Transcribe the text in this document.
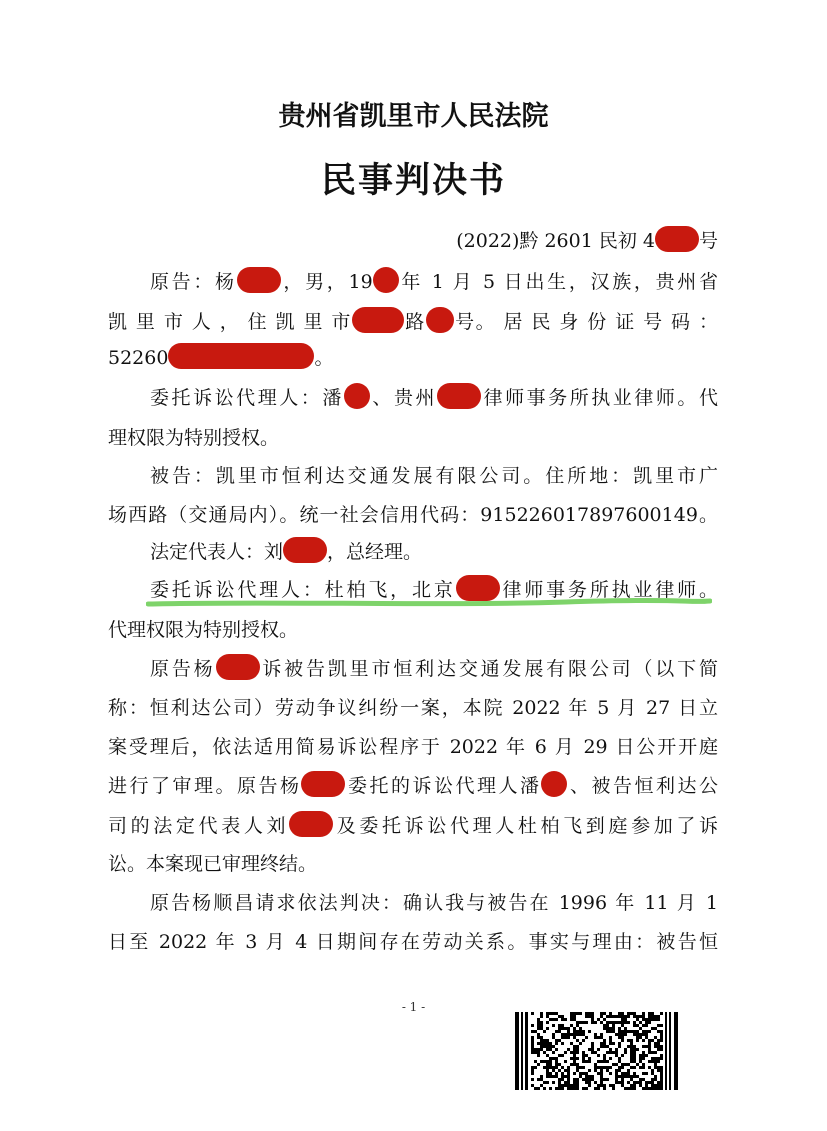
贵州省凯里市人民法院
民事判决书
(2022)黔 2601 民初 4 号
原告：杨 ，男，19 年 1 月 5 日出生，汉族，贵州省
凯 里 市 人 ， 住 凯 里 市	路 号。 居 民 身 份 证 号 码 ：
52260	。
委托诉讼代理人：潘 、贵州 律师事务所执业律师。代
理权限为特别授权。
被告：凯里市恒利达交通发展有限公司。住所地：凯里市广
场西路（交通局内）。统一社会信用代码：915226017897600149。
法定代表人：刘 ，总经理。
委托诉讼代理人：杜柏飞，北京 律师事务所执业律师。
代理权限为特别授权。
原告杨 诉被告凯里市恒利达交通发展有限公司（以下简
称：恒利达公司）劳动争议纠纷一案，本院 2022 年 5 月 27 日立
案受理后，依法适用简易诉讼程序于 2022 年 6 月 29 日公开开庭
进行了审理。原告杨 委托的诉讼代理人潘 、被告恒利达公
司的法定代表人刘 及委托诉讼代理人杜柏飞到庭参加了诉
讼。本案现已审理终结。
原告杨顺昌请求依法判决：确认我与被告在 1996 年 11 月 1
日至 2022 年 3 月 4 日期间存在劳动关系。事实与理由：被告恒
- 1 -
